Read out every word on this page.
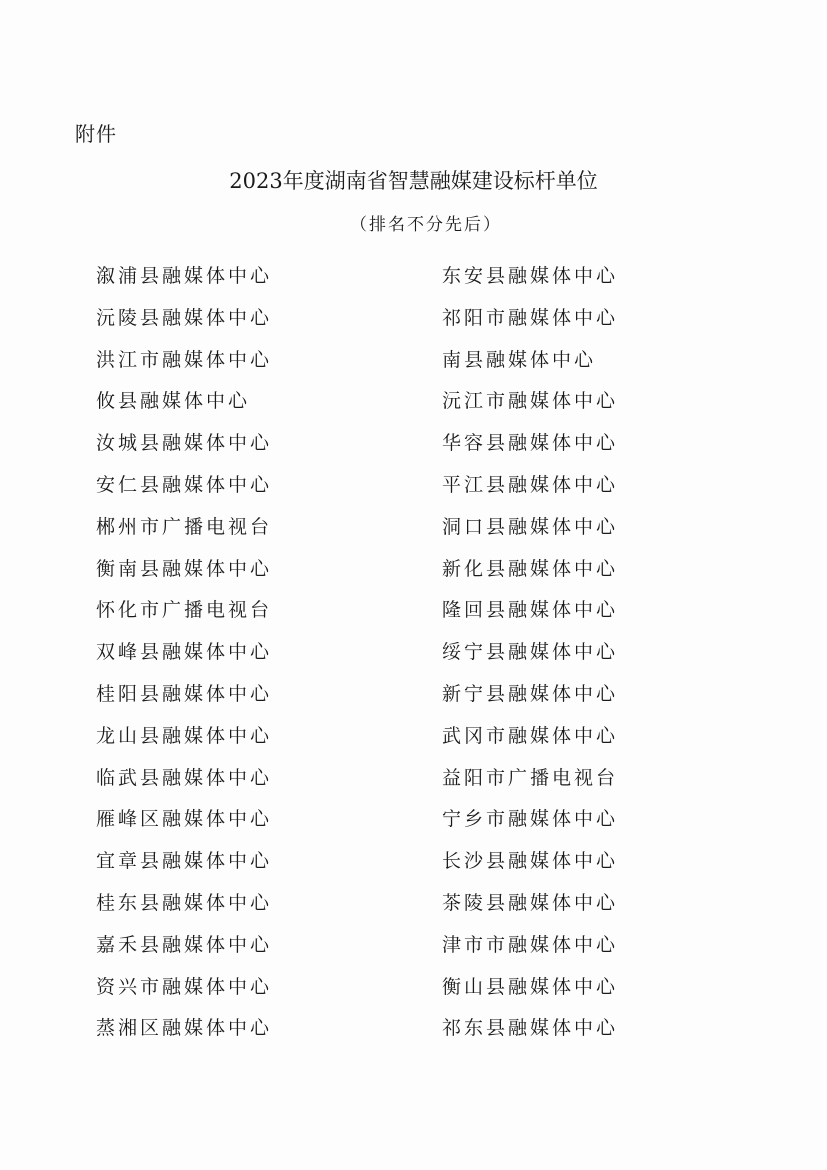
附件
2023年度湖南省智慧融媒建设标杆单位
（排名不分先后）
溆浦县融媒体中心
沅陵县融媒体中心
洪江市融媒体中心
攸县融媒体中心
汝城县融媒体中心
安仁县融媒体中心
郴州市广播电视台
衡南县融媒体中心
怀化市广播电视台
双峰县融媒体中心
桂阳县融媒体中心
龙山县融媒体中心
临武县融媒体中心
雁峰区融媒体中心
宜章县融媒体中心
桂东县融媒体中心
嘉禾县融媒体中心
资兴市融媒体中心
蒸湘区融媒体中心
东安县融媒体中心
祁阳市融媒体中心
南县融媒体中心
沅江市融媒体中心
华容县融媒体中心
平江县融媒体中心
洞口县融媒体中心
新化县融媒体中心
隆回县融媒体中心
绥宁县融媒体中心
新宁县融媒体中心
武冈市融媒体中心
益阳市广播电视台
宁乡市融媒体中心
长沙县融媒体中心
茶陵县融媒体中心
津市市融媒体中心
衡山县融媒体中心
祁东县融媒体中心
